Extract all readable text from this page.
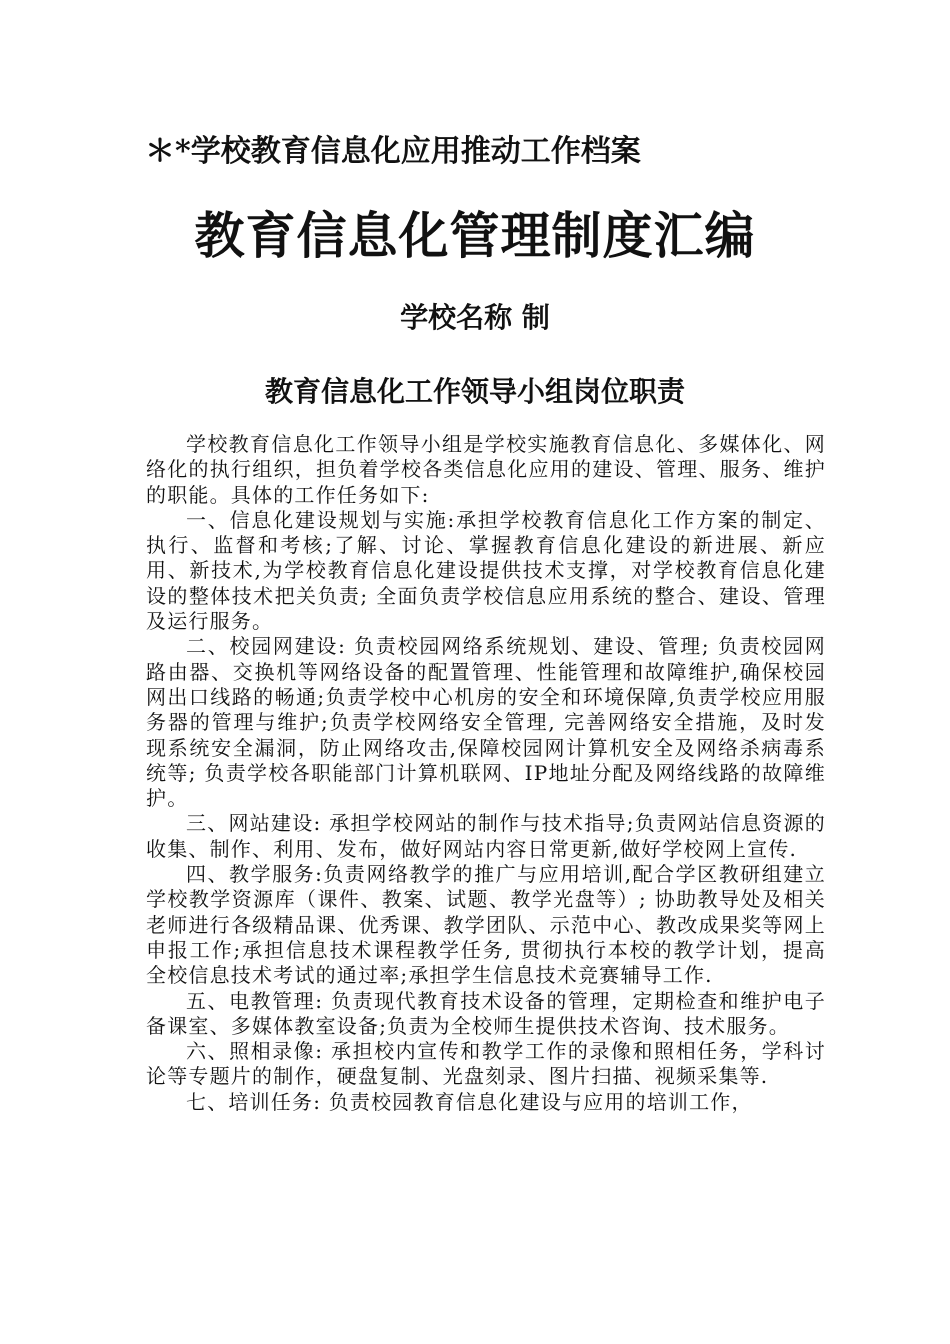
＊*学校教育信息化应用推动工作档案
教育信息化管理制度汇编
学校名称 制
教育信息化工作领导小组岗位职责

学校教育信息化工作领导小组是学校实施教育信息化、多媒体化、网络化的执行组织，担负着学校各类信息化应用的建设、管理、服务、维护的职能。具体的工作任务如下:

一、信息化建设规划与实施:承担学校教育信息化工作方案的制定、执行、监督和考核;了解、讨论、掌握教育信息化建设的新进展、新应用、新技术,为学校教育信息化建设提供技术支撑，对学校教育信息化建设的整体技术把关负责; 全面负责学校信息应用系统的整合、建设、管理及运行服务。

二、校园网建设: 负责校园网络系统规划、建设、管理; 负责校园网路由器、交换机等网络设备的配置管理、性能管理和故障维护,确保校园网出口线路的畅通;负责学校中心机房的安全和环境保障,负责学校应用服务器的管理与维护;负责学校网络安全管理, 完善网络安全措施，及时发现系统安全漏洞，防止网络攻击,保障校园网计算机安全及网络杀病毒系统等; 负责学校各职能部门计算机联网、IP地址分配及网络线路的故障维护。

三、网站建设: 承担学校网站的制作与技术指导;负责网站信息资源的收集、制作、利用、发布，做好网站内容日常更新,做好学校网上宣传.

四、教学服务:负责网络教学的推广与应用培训,配合学区教研组建立学校教学资源库（课件、教案、试题、教学光盘等）; 协助教导处及相关老师进行各级精品课、优秀课、教学团队、示范中心、教改成果奖等网上申报工作;承担信息技术课程教学任务, 贯彻执行本校的教学计划，提高全校信息技术考试的通过率;承担学生信息技术竞赛辅导工作.

五、电教管理: 负责现代教育技术设备的管理，定期检查和维护电子备课室、多媒体教室设备;负责为全校师生提供技术咨询、技术服务。

六、照相录像: 承担校内宣传和教学工作的录像和照相任务，学科讨论等专题片的制作，硬盘复制、光盘刻录、图片扫描、视频采集等.

七、培训任务: 负责校园教育信息化建设与应用的培训工作，
